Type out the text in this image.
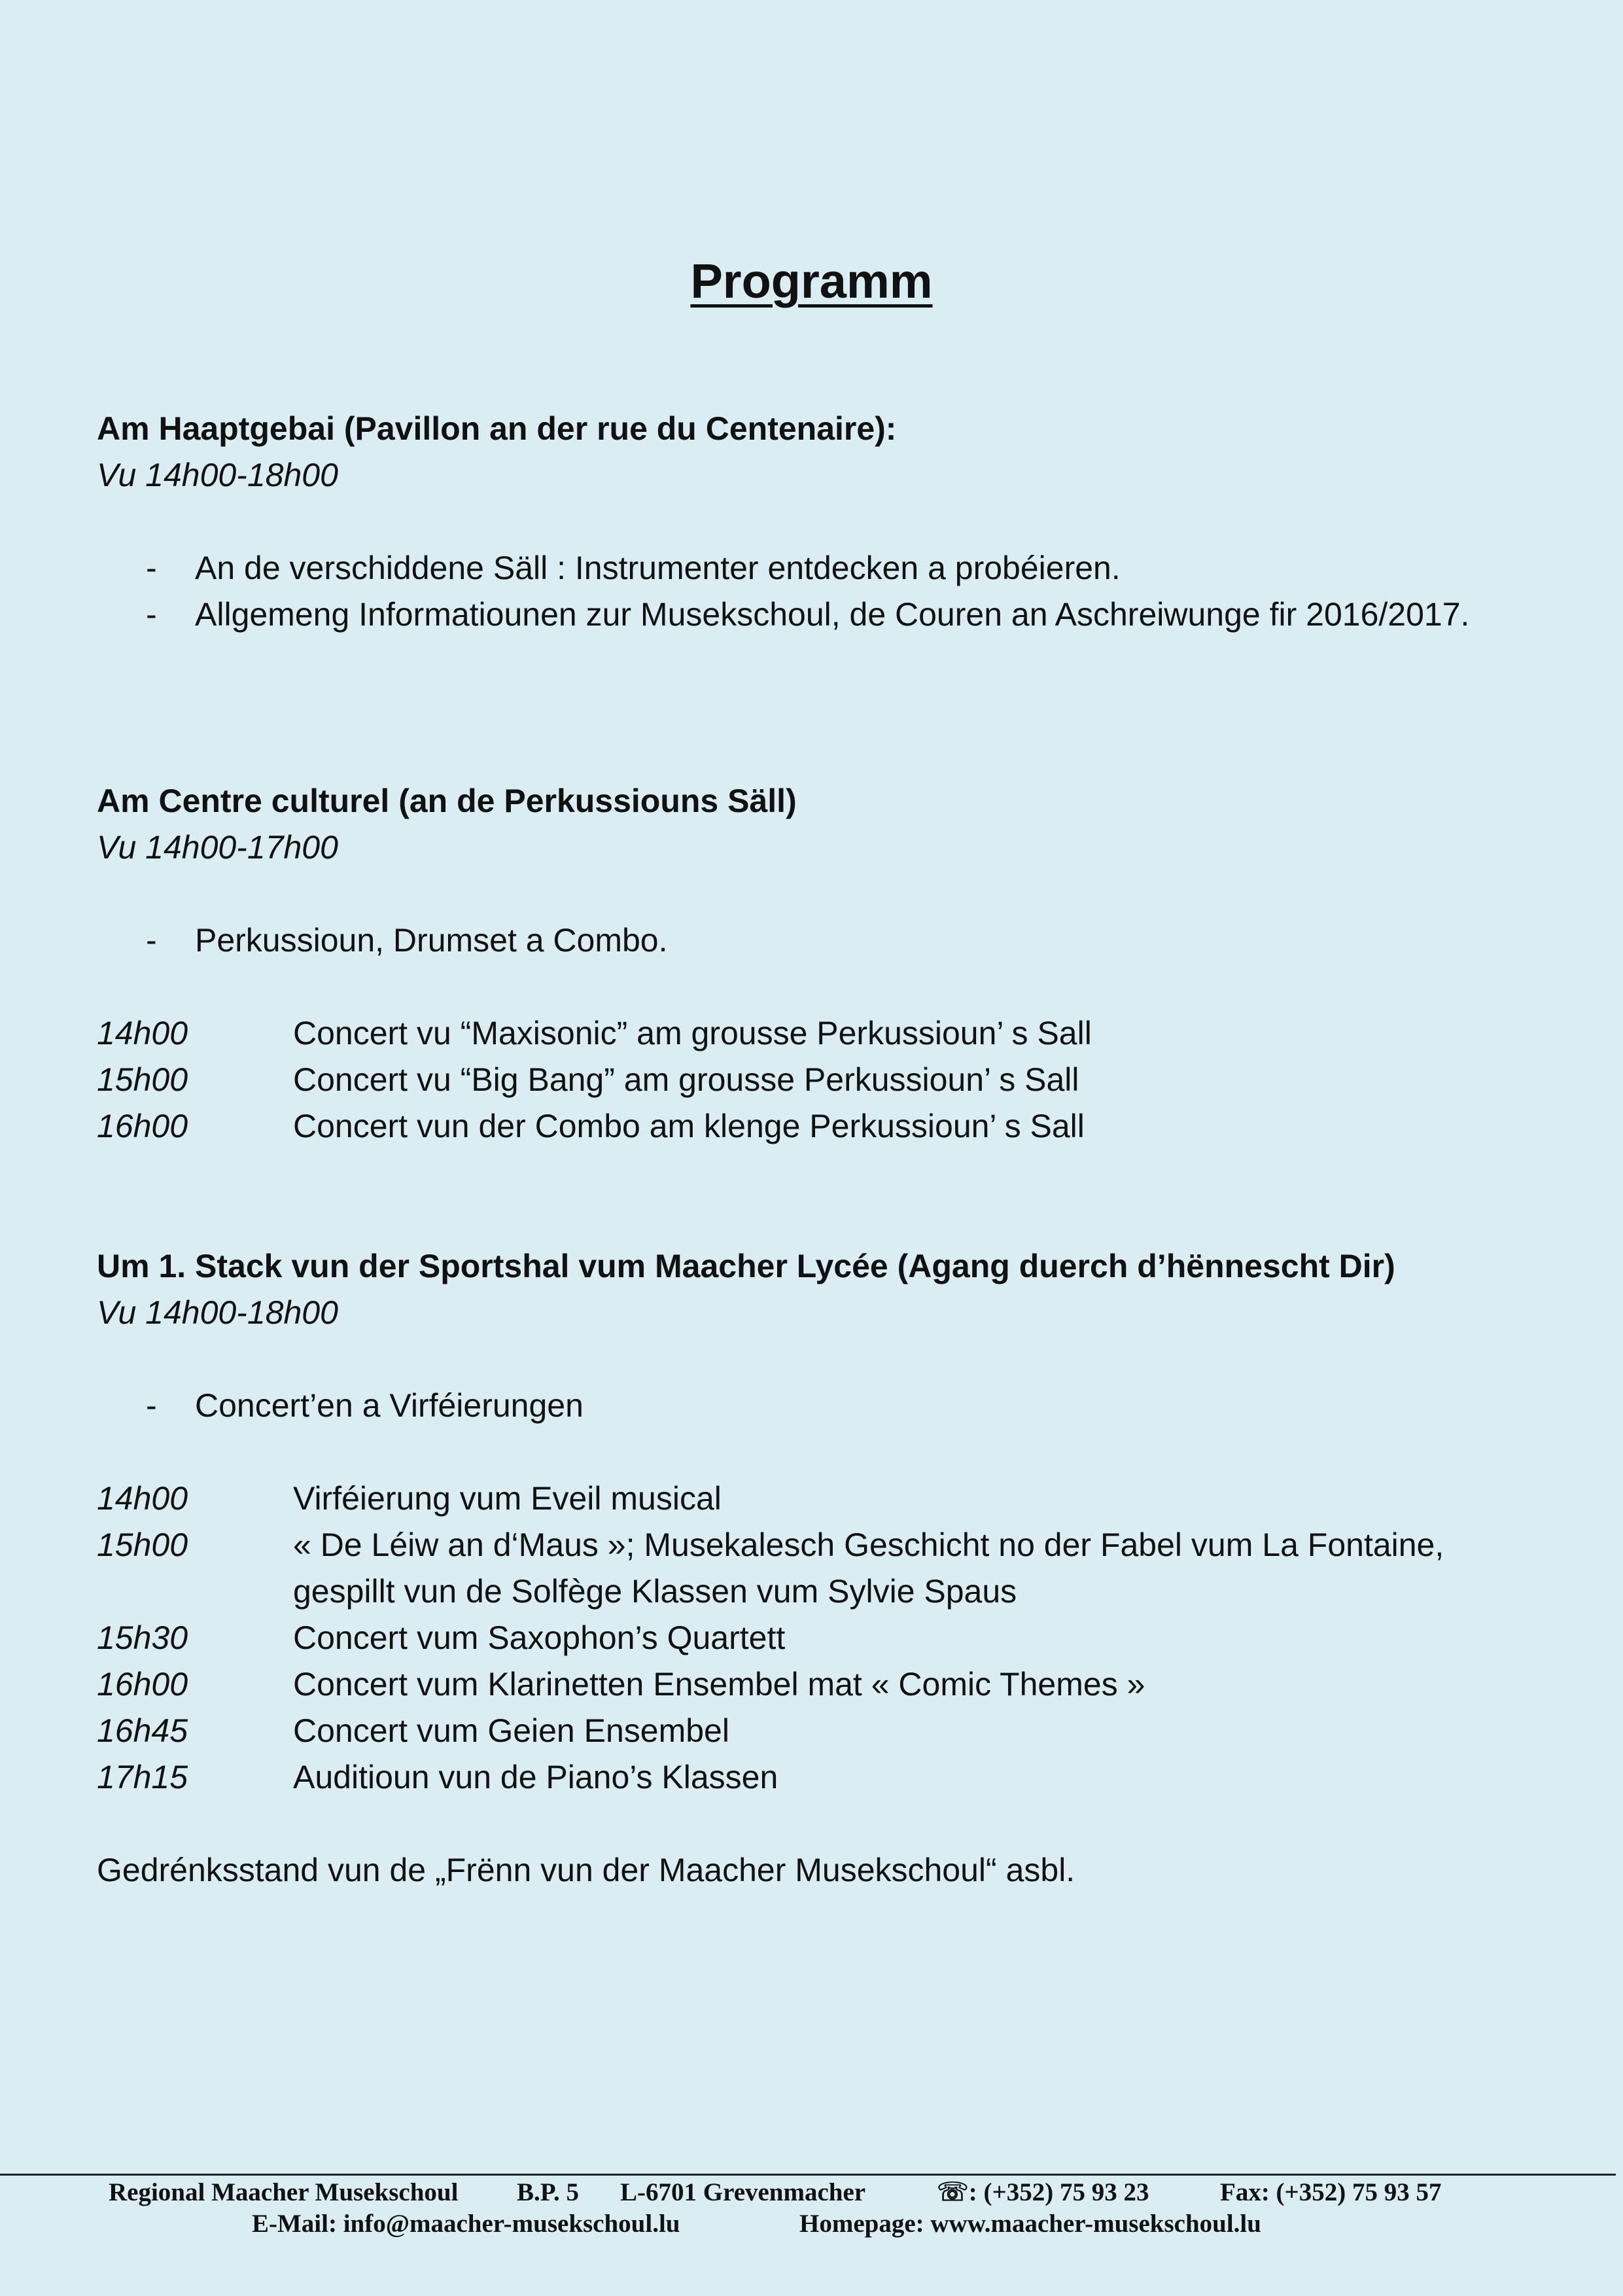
Programm

Am Haaptgebai (Pavillon an der rue du Centenaire):

Vu 14h00-18h00

- An de verschiddene Säll : Instrumenter entdecken a probéieren.
- Allgemeng Informatiounen zur Musekschoul, de Couren an Aschreiwunge fir 2016/2017.

Am Centre culturel (an de Perkussiouns Säll)

Vu 14h00-17h00

- Perkussioun, Drumset a Combo.
14h00	Concert vu “Maxisonic” am grousse Perkussioun’ s Sall
15h00	Concert vu “Big Bang” am grousse Perkussioun’ s Sall
16h00	Concert vun der Combo am klenge Perkussioun’ s Sall

Um 1. Stack vun der Sportshal vum Maacher Lycée (Agang duerch d’hënnescht Dir)

Vu 14h00-18h00

- Concert’en a Virféierungen
14h00	Virféierung vum Eveil musical
15h00	« De Léiw an d‘Maus »; Musekalesch Geschicht no der Fabel vum La Fontaine, gespillt vun de Solfège Klassen vum Sylvie Spaus
15h30	Concert vum Saxophon’s Quartett
16h00	Concert vum Klarinetten Ensembel mat « Comic Themes »
16h45	Concert vum Geien Ensembel
17h15	Auditioun vun de Piano’s Klassen

Gedrénksstand vun de „Frënn vun der Maacher Musekschoul“ asbl.

Regional Maacher Musekschoul B.P. 5 L-6701 Grevenmacher	☏: (+352) 75 93 23	Fax: (+352) 75 93 57
E-Mail: info@maacher-musekschoul.lu	Homepage: www.maacher-musekschoul.lu
